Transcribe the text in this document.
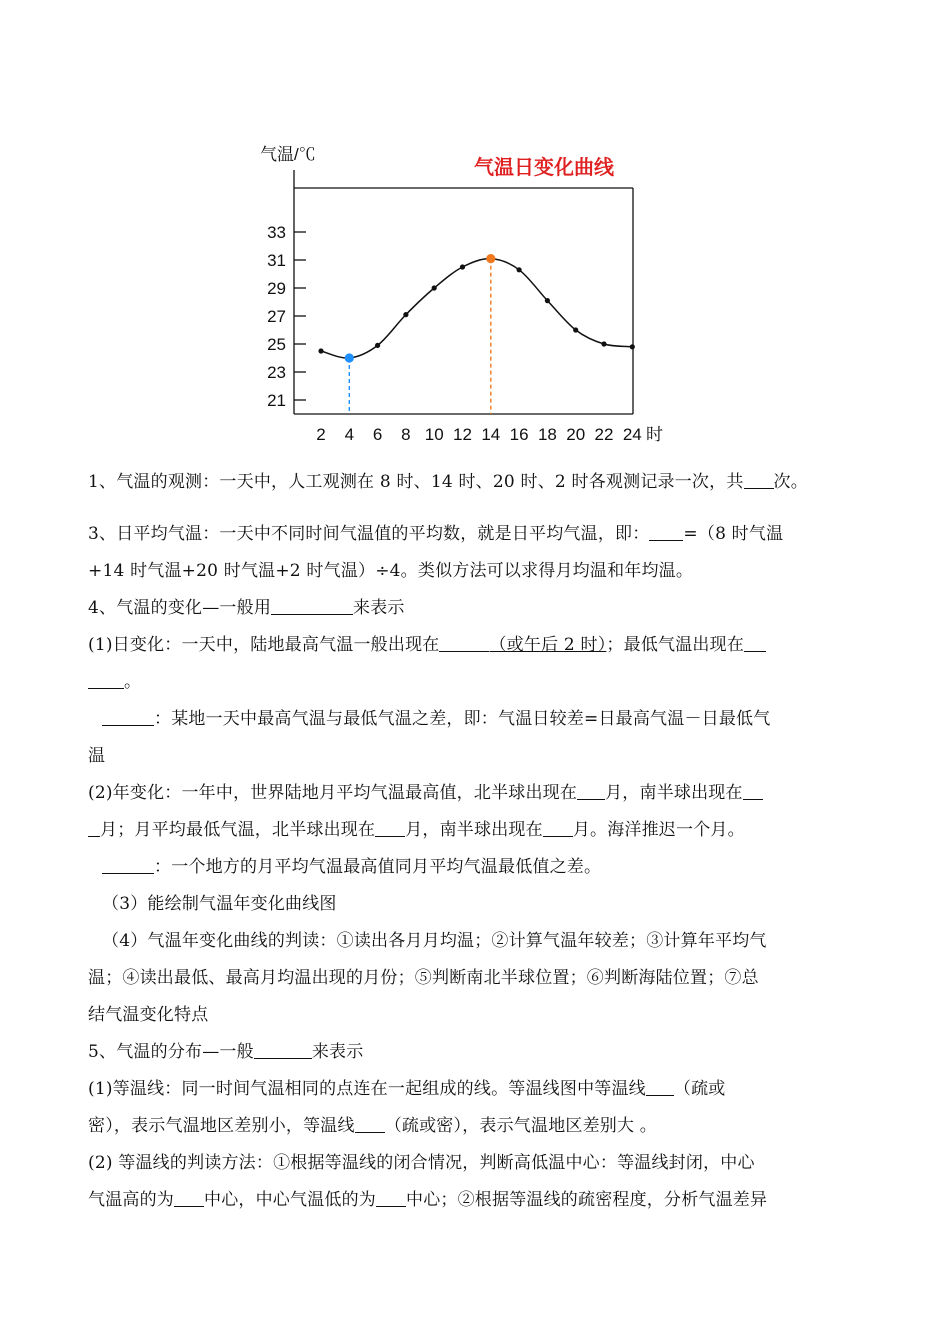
气温/℃
气温日变化曲线
21
23
25
27
29
31
33
2 4 6 8 10 12 14 16 18 20 22 24 时
1、气温的观测：一天中，人工观测在 8 时、14 时、20 时、2 时各观测记录一次，共 次。
3、日平均气温：一天中不同时间气温值的平均数，就是日平均气温，即： =（8 时气温
+14 时气温+20 时气温+2 时气温）÷4。类似方法可以求得月均温和年均温。
4、气温的变化—一般用	来表示
(1)日变化：一天中，陆地最高气温一般出现在	（或午后 2 时）；最低气温出现在
。
：某地一天中最高气温与最低气温之差，即：气温日较差=日最高气温－日最低气
温
(2)年变化：一年中，世界陆地月平均气温最高值，北半球出现在 月，南半球出现在
月；月平均最低气温，北半球出现在 月，南半球出现在 月。海洋推迟一个月。
：一个地方的月平均气温最高值同月平均气温最低值之差。
（3）能绘制气温年变化曲线图
（4）气温年变化曲线的判读：①读出各月月均温；②计算气温年较差；③计算年平均气
温；④读出最低、最高月均温出现的月份；⑤判断南北半球位置；⑥判断海陆位置；⑦总
结气温变化特点
5、气温的分布—一般	来表示
(1)等温线：同一时间气温相同的点连在一起组成的线。等温线图中等温线 （疏或
密），表示气温地区差别小，等温线 （疏或密），表示气温地区差别大 。
(2) 等温线的判读方法：①根据等温线的闭合情况，判断高低温中心：等温线封闭，中心
气温高的为 中心，中心气温低的为 中心；②根据等温线的疏密程度，分析气温差异
